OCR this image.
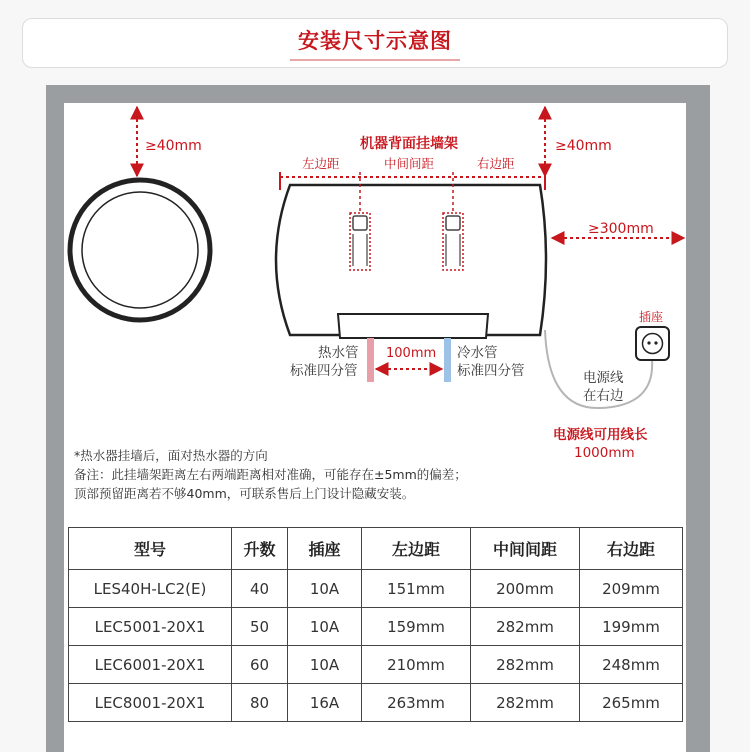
安装尺寸示意图
≥40mm	≥40mm
机器背面挂墙架
左边距	中间间距	右边距
≥300mm
插座
热水管
标准四分管
100mm 冷水管
标准四分管	电源线
在右边
电源线可用线长
1000mm
*热水器挂墙后，面对热水器的方向
备注：此挂墙架距离左右两端距离相对准确，可能存在±5mm的偏差；
顶部预留距离若不够40mm，可联系售后上门设计隐藏安装。
型号	升数	插座	左边距	中间间距	右边距
LES40H-LC2(E)	40	10A	151mm	200mm	209mm
LEC5001-20X1	50	10A	159mm	282mm	199mm
LEC6001-20X1	60	10A	210mm	282mm	248mm
LEC8001-20X1	80	16A	263mm	282mm	265mm
